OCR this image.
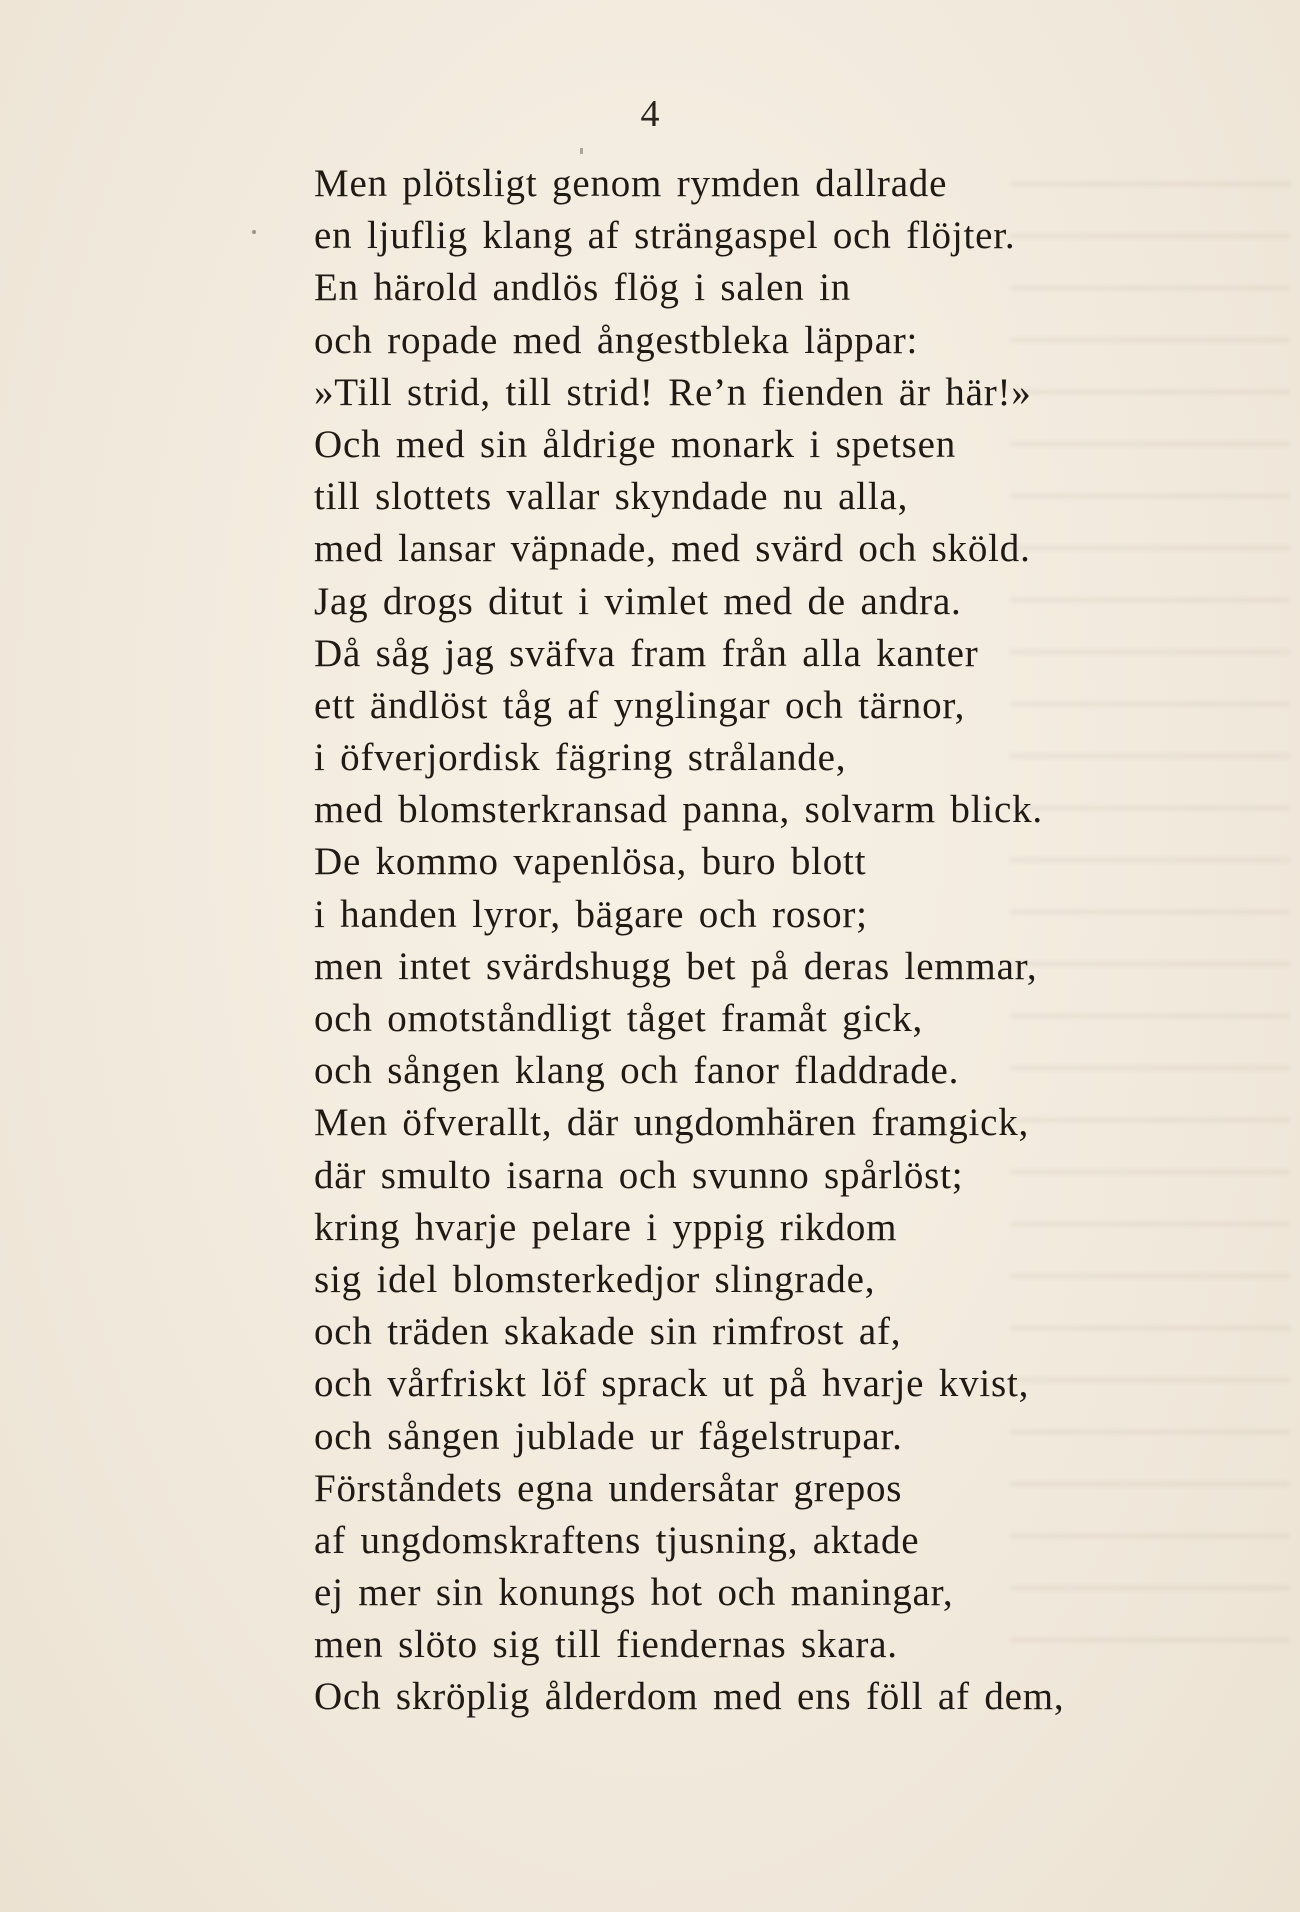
4
Men plötsligt genom rymden dallrade
en ljuflig klang af strängaspel och flöjter.
En härold andlös flög i salen in
och ropade med ångestbleka läppar:
»Till strid, till strid! Re’n fienden är här!»
Och med sin åldrige monark i spetsen
till slottets vallar skyndade nu alla,
med lansar väpnade, med svärd och sköld.
Jag drogs ditut i vimlet med de andra.
Då såg jag sväfva fram från alla kanter
ett ändlöst tåg af ynglingar och tärnor,
i öfverjordisk fägring strålande,
med blomsterkransad panna, solvarm blick.
De kommo vapenlösa, buro blott
i handen lyror, bägare och rosor;
men intet svärdshugg bet på deras lemmar,
och omotståndligt tåget framåt gick,
och sången klang och fanor fladdrade.
Men öfverallt, där ungdomhären framgick,
där smulto isarna och svunno spårlöst;
kring hvarje pelare i yppig rikdom
sig idel blomsterkedjor slingrade,
och träden skakade sin rimfrost af,
och vårfriskt löf sprack ut på hvarje kvist,
och sången jublade ur fågelstrupar.
Förståndets egna undersåtar grepos
af ungdomskraftens tjusning, aktade
ej mer sin konungs hot och maningar,
men slöto sig till fiendernas skara.
Och skröplig ålderdom med ens föll af dem,
